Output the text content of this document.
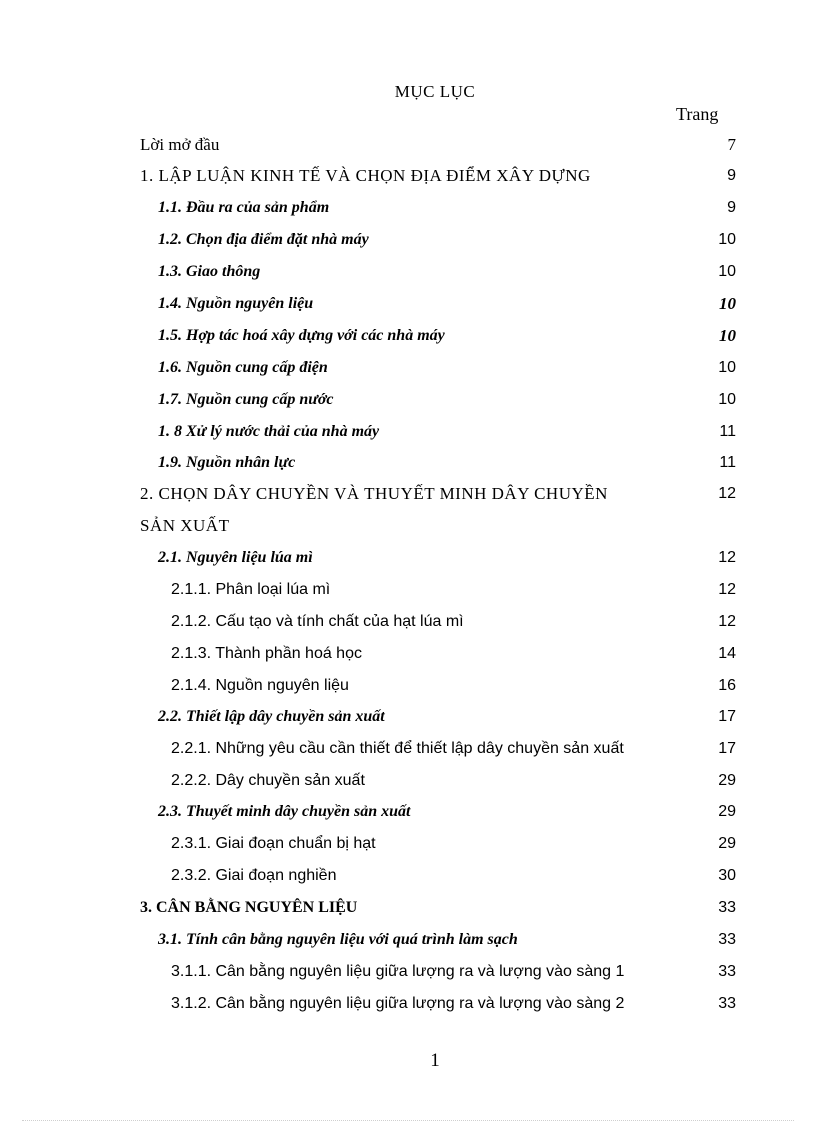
MỤC LỤC
Trang
Lời mở đầu	7
1. LẬP LUẬN KINH TẾ VÀ CHỌN ĐỊA ĐIỂM XÂY DỰNG	9
1.1. Đầu ra của sản phẩm	9
1.2. Chọn địa điểm đặt nhà máy	10
1.3. Giao thông	10
1.4. Nguồn nguyên liệu	10
1.5. Hợp tác hoá xây dựng với các nhà máy	10
1.6. Nguồn cung cấp điện	10
1.7. Nguồn cung cấp nước	10
1. 8 Xử lý nước thải của nhà máy	11
1.9. Nguồn nhân lực	11
2. CHỌN DÂY CHUYỀN VÀ THUYẾT MINH DÂY CHUYỀN	12
SẢN XUẤT
2.1. Nguyên liệu lúa mì	12
2.1.1. Phân loại lúa mì	12
2.1.2. Cấu tạo và tính chất của hạt lúa mì	12
2.1.3. Thành phần hoá học	14
2.1.4. Nguồn nguyên liệu	16
2.2. Thiết lập dây chuyền sản xuất	17
2.2.1. Những yêu cầu cần thiết để thiết lập dây chuyền sản xuất	17
2.2.2. Dây chuyền sản xuất	29
2.3. Thuyết minh dây chuyền sản xuất	29
2.3.1. Giai đoạn chuẩn bị hạt	29
2.3.2. Giai đoạn nghiền	30
3. CÂN BẰNG NGUYÊN LIỆU	33
3.1. Tính cân bằng nguyên liệu với quá trình làm sạch	33
3.1.1. Cân bằng nguyên liệu giữa lượng ra và lượng vào sàng 1	33
3.1.2. Cân bằng nguyên liệu giữa lượng ra và lượng vào sàng 2	33
1
